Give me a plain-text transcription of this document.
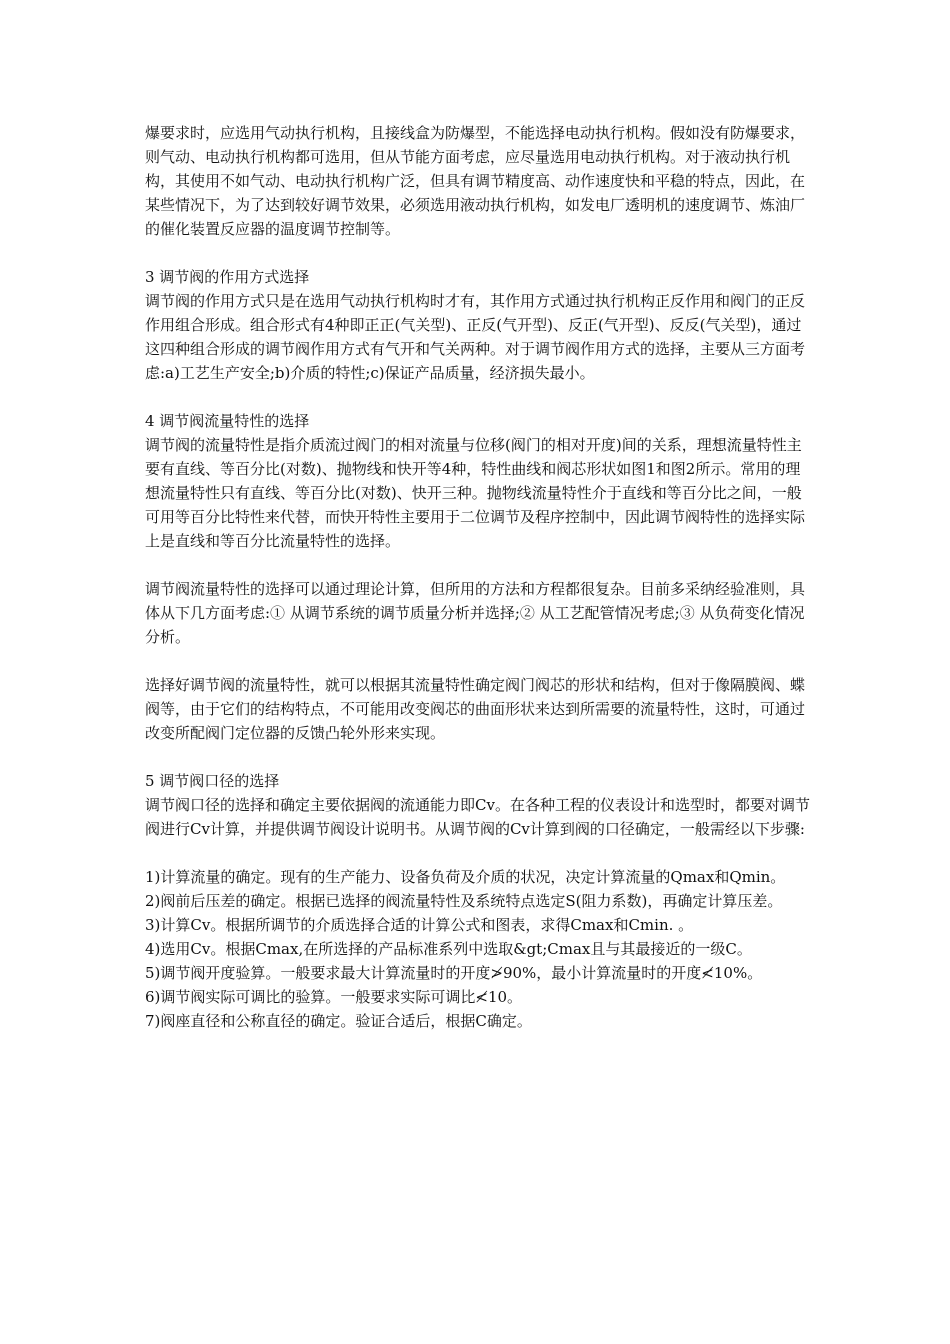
爆要求时，应选用气动执行机构，且接线盒为防爆型，不能选择电动执行机构。假如没有防爆要求，则气动、电动执行机构都可选用，但从节能方面考虑，应尽量选用电动执行机构。对于液动执行机构，其使用不如气动、电动执行机构广泛，但具有调节精度高、动作速度快和平稳的特点，因此，在某些情况下，为了达到较好调节效果，必须选用液动执行机构，如发电厂透明机的速度调节、炼油厂的催化装置反应器的温度调节控制等。

3 调节阀的作用方式选择

调节阀的作用方式只是在选用气动执行机构时才有，其作用方式通过执行机构正反作用和阀门的正反作用组合形成。组合形式有4种即正正(气关型)、正反(气开型)、反正(气开型)、反反(气关型)，通过这四种组合形成的调节阀作用方式有气开和气关两种。对于调节阀作用方式的选择，主要从三方面考虑:a)工艺生产安全;b)介质的特性;c)保证产品质量，经济损失最小。

4 调节阀流量特性的选择

调节阀的流量特性是指介质流过阀门的相对流量与位移(阀门的相对开度)间的关系，理想流量特性主要有直线、等百分比(对数)、抛物线和快开等4种，特性曲线和阀芯形状如图1和图2所示。常用的理想流量特性只有直线、等百分比(对数)、快开三种。抛物线流量特性介于直线和等百分比之间，一般可用等百分比特性来代替，而快开特性主要用于二位调节及程序控制中，因此调节阀特性的选择实际上是直线和等百分比流量特性的选择。

调节阀流量特性的选择可以通过理论计算，但所用的方法和方程都很复杂。目前多采纳经验准则，具体从下几方面考虑:① 从调节系统的调节质量分析并选择;② 从工艺配管情况考虑;③ 从负荷变化情况分析。

选择好调节阀的流量特性，就可以根据其流量特性确定阀门阀芯的形状和结构，但对于像隔膜阀、蝶阀等，由于它们的结构特点，不可能用改变阀芯的曲面形状来达到所需要的流量特性，这时，可通过改变所配阀门定位器的反馈凸轮外形来实现。

5 调节阀口径的选择

调节阀口径的选择和确定主要依据阀的流通能力即Cv。在各种工程的仪表设计和选型时，都要对调节阀进行Cv计算，并提供调节阀设计说明书。从调节阀的Cv计算到阀的口径确定，一般需经以下步骤:

1)计算流量的确定。现有的生产能力、设备负荷及介质的状况，决定计算流量的Qmax和Qmin。

2)阀前后压差的确定。根据已选择的阀流量特性及系统特点选定S(阻力系数)，再确定计算压差。

3)计算Cv。根据所调节的介质选择合适的计算公式和图表，求得Cmax和Cmin. 。

4)选用Cv。根据Cmax,在所选择的产品标准系列中选取&gt;Cmax且与其最接近的一级C。

5)调节阀开度验算。一般要求最大计算流量时的开度≯90%，最小计算流量时的开度≮10%。

6)调节阀实际可调比的验算。一般要求实际可调比≮10。

7)阀座直径和公称直径的确定。验证合适后，根据C确定。
